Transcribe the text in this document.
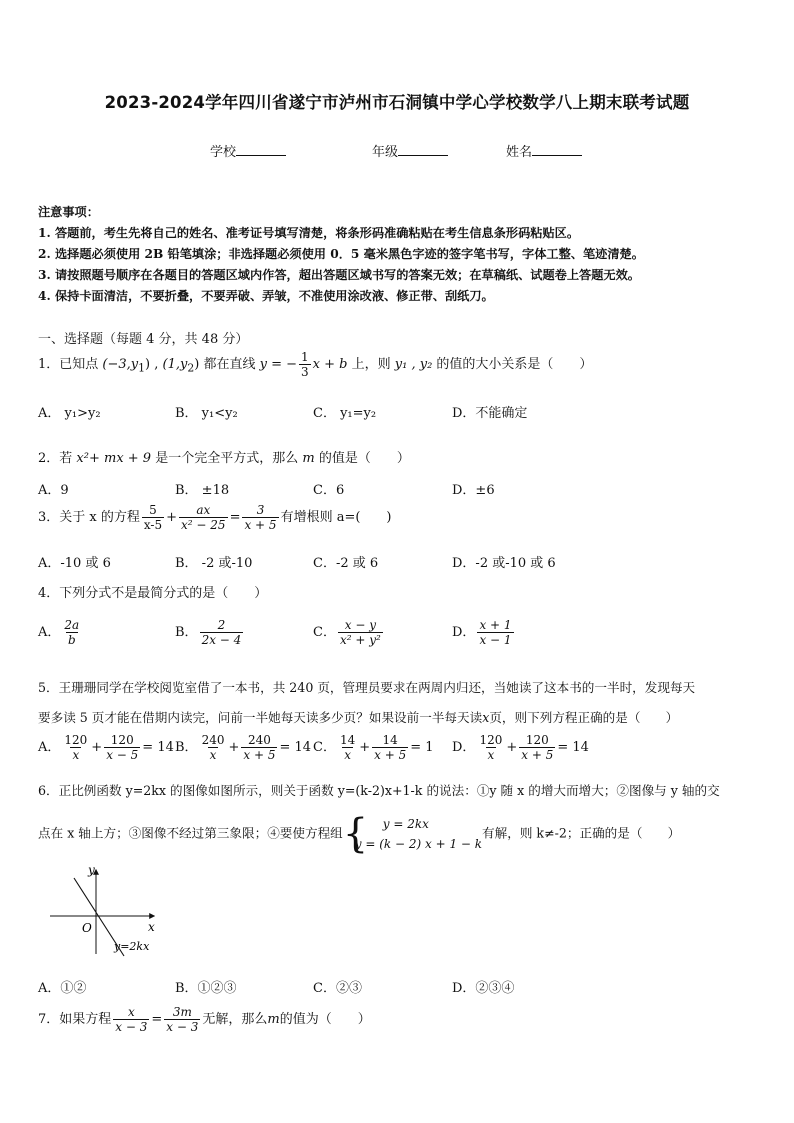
2023-2024学年四川省遂宁市泸州市石洞镇中学心学校数学八上期末联考试题
学校	年级	姓名
注意事项：
1. 答题前，考生先将自己的姓名、准考证号填写清楚，将条形码准确粘贴在考生信息条形码粘贴区。
2. 选择题必须使用 2B 铅笔填涂；非选择题必须使用 0．5 毫米黑色字迹的签字笔书写，字体工整、笔迹清楚。
3. 请按照题号顺序在各题目的答题区域内作答，超出答题区域书写的答案无效；在草稿纸、试题卷上答题无效。
4. 保持卡面清洁，不要折叠，不要弄破、弄皱，不准使用涂改液、修正带、刮纸刀。
一、选择题（每题 4 分，共 48 分）
1．已知点 $(-3,y_1)$ , $(1,y_2)$ 都在直线 y = − $\frac{1}{3}$ x + b 上，则 y₁ , y₂ 的值的大小关系是（　　）
A． y₁>y₂	B． y₁<y₂	C． y₁=y₂	D．不能确定
2．若 x²+ mx + 9 是一个完全平方式，那么 m 的值是（　　）
A．9	B． ±18	C．6	D．±6
3．关于 x 的方程 $\frac{5}{x-5} + \frac{ax}{\text{x² − 25}} = \frac{3}{x + 5}$ 有增根则 a=(　　)
A．-10 或 6	B． -2 或-10	C．-2 或 6	D．-2 或-10 或 6
4．下列分式不是最简分式的是（　　）
A． $\frac{2a}{b}$	B． $\frac{2}{2x - 4}$	C． $\frac{x - y}{\text{x² + y²}}$	D． $\frac{x + 1}{x - 1}$
5．王珊珊同学在学校阅览室借了一本书，共 240 页，管理员要求在两周内归还，当她读了这本书的一半时，发现每天
要多读 5 页才能在借期内读完，问前一半她每天读多少页？如果设前一半每天读x页，则下列方程正确的是（　　）
A． $\frac{120}{x} + \frac{120}{x - 5} = 14$ B． $\frac{240}{x} + \frac{240}{x + 5} = 14$ C． $\frac{14}{x} + \frac{14}{x + 5} = 1$ D． $\frac{120}{x} + \frac{120}{x + 5} = 14$
6．正比例函数 y=2kx 的图像如图所示，则关于函数 y=(k-2)x+1-k 的说法：①y 随 x 的增大而增大；②图像与 y 轴的交
点在 x 轴上方；③图像不经过第三象限；④要使方程组 { y = 2kx
y = (k − 2) x + 1 − k有解，则 k≠-2；正确的是（　　）
y
x
O
y=2kx
A．①②	B．①②③	C．②③	D．②③④
7．如果方程 $\frac{x}{x - 3} = \frac{3m}{x - 3}$ 无解，那么m的值为（　　）
